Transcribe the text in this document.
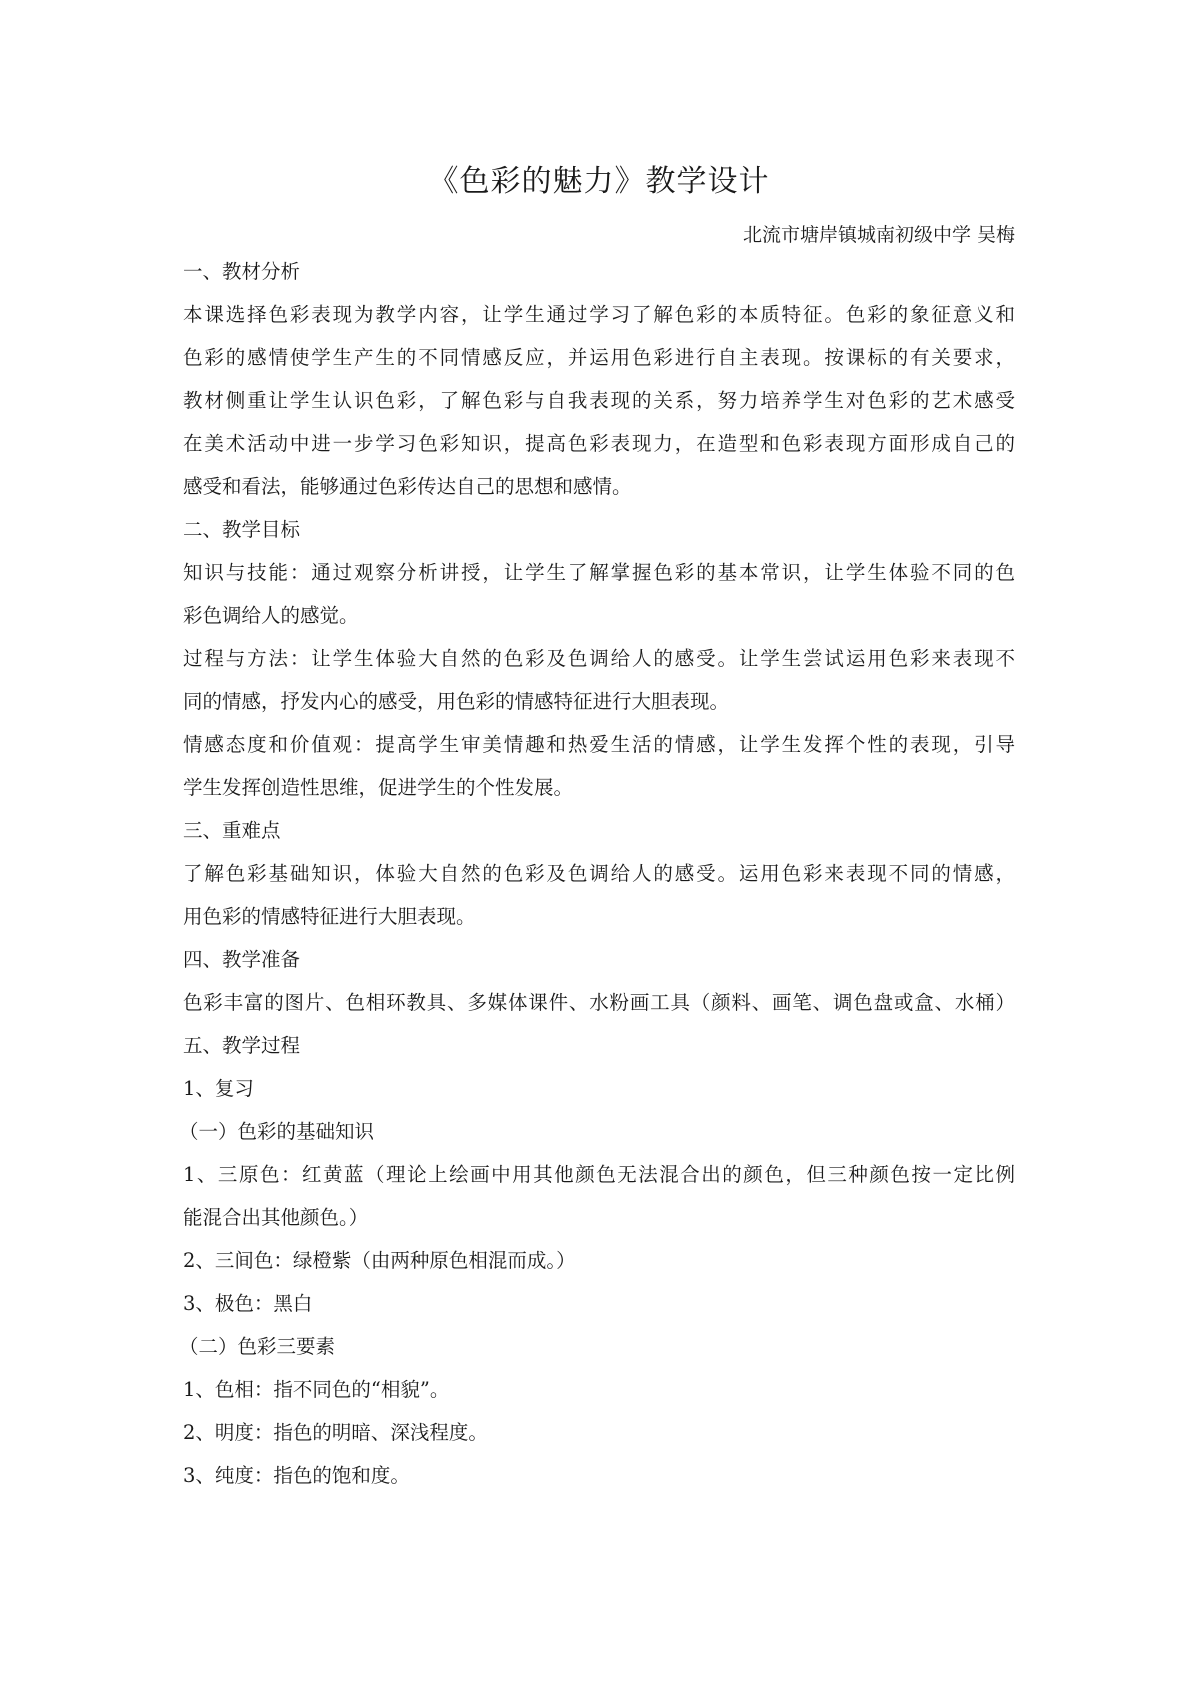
《色彩的魅力》教学设计
北流市塘岸镇城南初级中学 吴梅
一、教材分析
本课选择色彩表现为教学内容，让学生通过学习了解色彩的本质特征。色彩的象征意义和
色彩的感情使学生产生的不同情感反应，并运用色彩进行自主表现。按课标的有关要求，
教材侧重让学生认识色彩，了解色彩与自我表现的关系，努力培养学生对色彩的艺术感受
在美术活动中进一步学习色彩知识，提高色彩表现力，在造型和色彩表现方面形成自己的
感受和看法，能够通过色彩传达自己的思想和感情。
二、教学目标
知识与技能：通过观察分析讲授，让学生了解掌握色彩的基本常识，让学生体验不同的色
彩色调给人的感觉。
过程与方法：让学生体验大自然的色彩及色调给人的感受。让学生尝试运用色彩来表现不
同的情感，抒发内心的感受，用色彩的情感特征进行大胆表现。
情感态度和价值观：提高学生审美情趣和热爱生活的情感，让学生发挥个性的表现，引导
学生发挥创造性思维，促进学生的个性发展。
三、重难点
了解色彩基础知识，体验大自然的色彩及色调给人的感受。运用色彩来表现不同的情感，
用色彩的情感特征进行大胆表现。
四、教学准备
色彩丰富的图片、色相环教具、多媒体课件、水粉画工具（颜料、画笔、调色盘或盒、水桶）
五、教学过程
1、复习
（一）色彩的基础知识
1、三原色：红黄蓝（理论上绘画中用其他颜色无法混合出的颜色，但三种颜色按一定比例
能混合出其他颜色。）
2、三间色：绿橙紫（由两种原色相混而成。）
3、极色：黑白
（二）色彩三要素
1、色相：指不同色的“相貌”。
2、明度：指色的明暗、深浅程度。
3、纯度：指色的饱和度。
